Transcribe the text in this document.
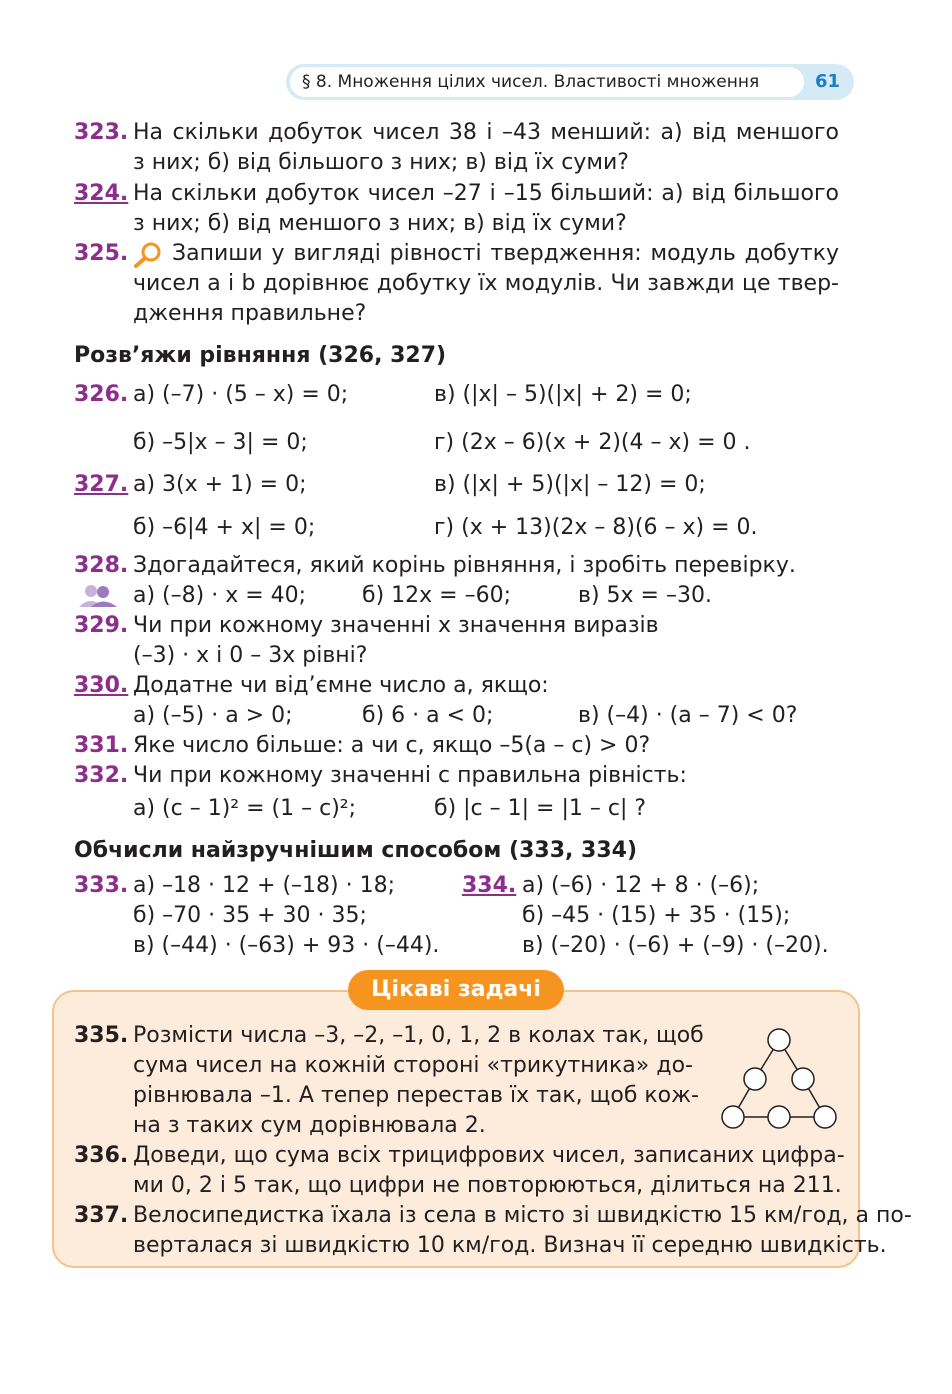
§ 8. Множення цілих чисел. Властивості множення	61
323. На скільки добуток чисел 38 і –43 менший: а) від меншого
з них; б) від більшого з них; в) від їх суми?
324. На скільки добуток чисел –27 і –15 більший: а) від більшого
з них; б) від меншого з них; в) від їх суми?
325. Запиши у вигляді рівності твердження: модуль добутку
чисел a і b дорівнює добутку їх модулів. Чи завжди це твер-
дження правильне?
Розв’яжи рівняння (326, 327)
326. а) (–7) · (5 – x) = 0;	в) (|x| – 5)(|x| + 2) = 0;
б) –5|x – 3| = 0;	г) (2x – 6)(x + 2)(4 – x) = 0 .
327. а) 3(x + 1) = 0;	в) (|x| + 5)(|x| – 12) = 0;
б) –6|4 + x| = 0;	г) (x + 13)(2x – 8)(6 – x) = 0.
328. Здогадайтеся, який корінь рівняння, і зробіть перевірку.
а) (–8) · x = 40;	б) 12x = –60;	в) 5x = –30.
329. Чи при кожному значенні x значення виразів
(–3) · x і 0 – 3x рівні?
330. Додатне чи від’ємне число a, якщо:
а) (–5) · a > 0;	б) 6 · a < 0;	в) (–4) · (a – 7) < 0?
331. Яке число більше: a чи c, якщо –5(a – c) > 0?
332. Чи при кожному значенні c правильна рівність:
а) (c – 1)² = (1 – c)²;	б) |c – 1| = |1 – c| ?
Обчисли найзручнішим способом (333, 334)
333. а) –18 · 12 + (–18) · 18;
б) –70 · 35 + 30 · 35;
в) (–44) · (–63) + 93 · (–44).
334. а) (–6) · 12 + 8 · (–6);
б) –45 · (15) + 35 · (15);
в) (–20) · (–6) + (–9) · (–20).
Цікаві задачі
335. Розмісти числа –3, –2, –1, 0, 1, 2 в колах так, щоб
сума чисел на кожній стороні «трикутника» до-
рівнювала –1. А тепер перестав їх так, щоб кож-
на з таких сум дорівнювала 2.
336. Доведи, що сума всіх трицифрових чисел, записаних цифра-
ми 0, 2 і 5 так, що цифри не повторюються, ділиться на 211.
337. Велосипедистка їхала із села в місто зі швидкістю 15 км/год, а по-
верталася зі швидкістю 10 км/год. Визнач її середню швидкість.
